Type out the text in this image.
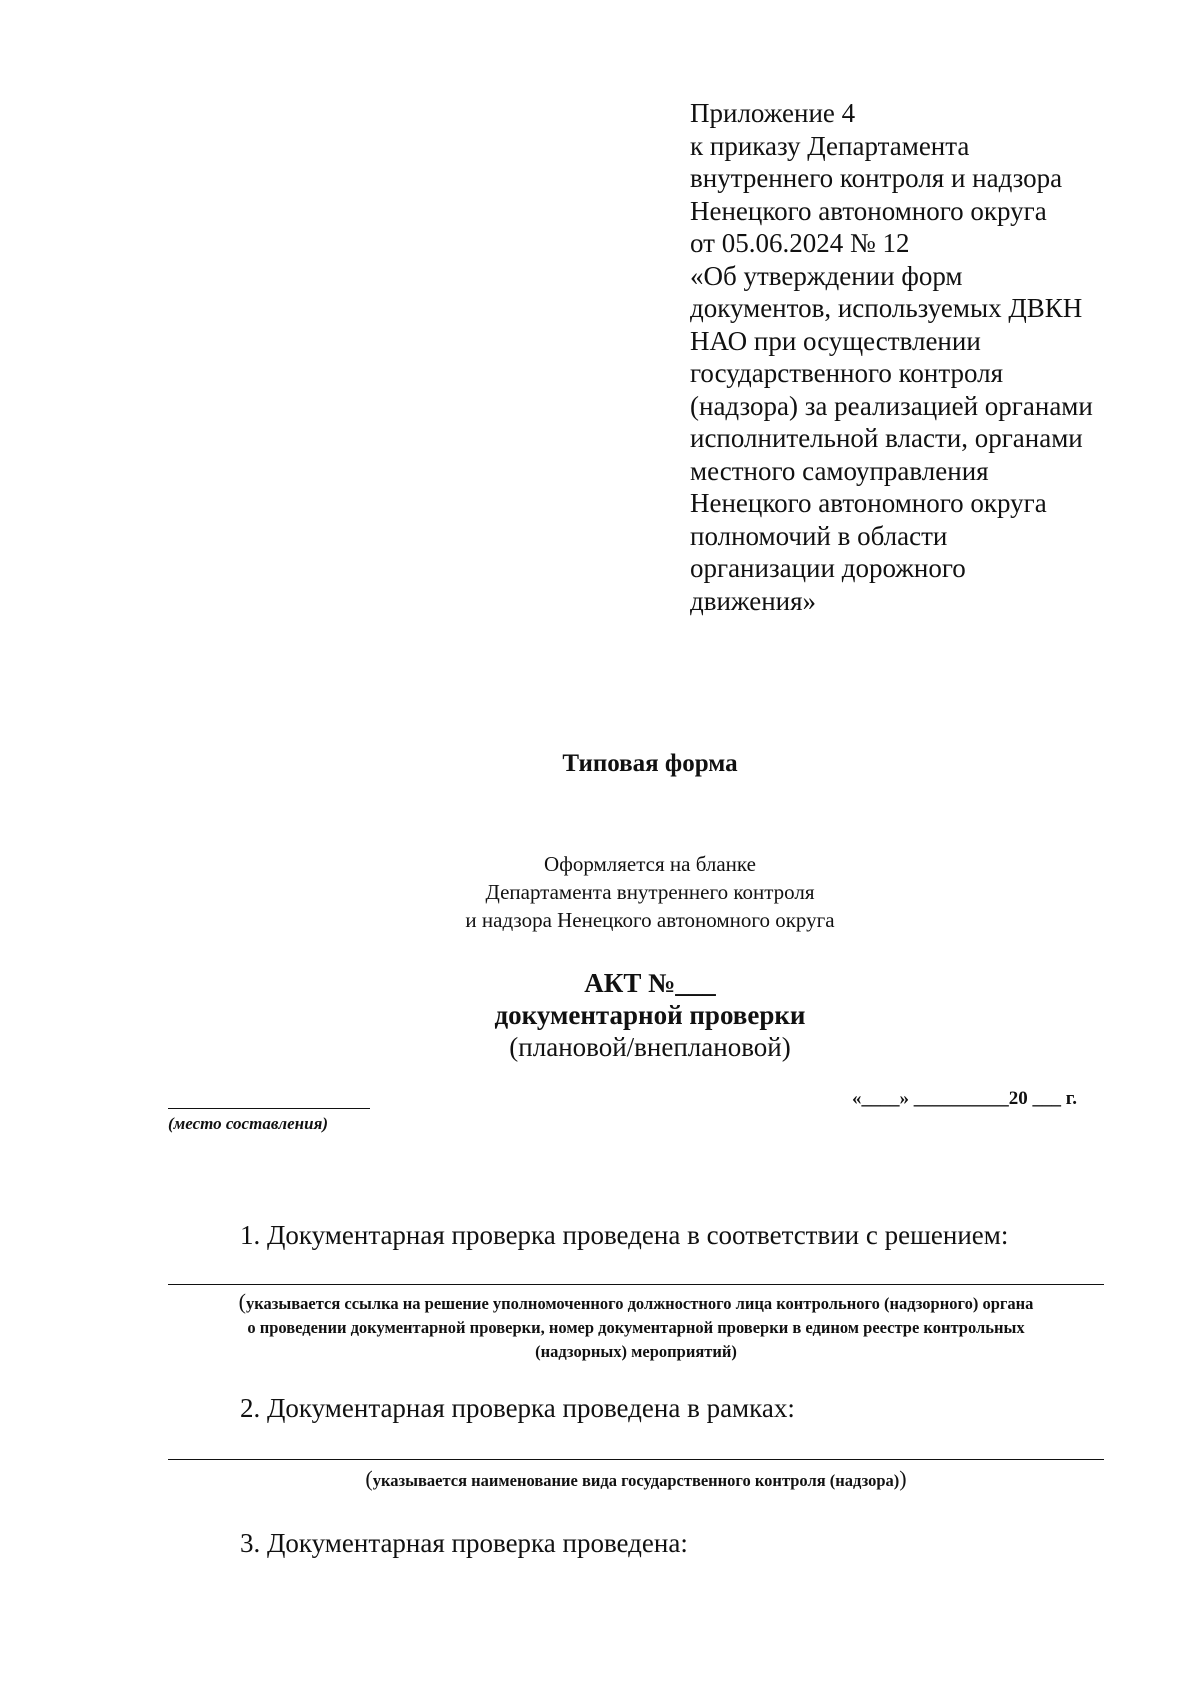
Приложение 4
к приказу Департамента
внутреннего контроля и надзора
Ненецкого автономного округа
от 05.06.2024 № 12
«Об утверждении форм
документов, используемых ДВКН
НАО при осуществлении
государственного контроля
(надзора) за реализацией органами
исполнительной власти, органами
местного самоуправления
Ненецкого автономного округа
полномочий в области
организации дорожного
движения»
Типовая форма
Оформляется на бланке
Департамента внутреннего контроля
и надзора Ненецкого автономного округа
АКТ №___
документарной проверки
(плановой/внеплановой)
(место составления)
«____» __________20 ___ г.
1. Документарная проверка проведена в соответствии с решением:
(указывается ссылка на решение уполномоченного должностного лица контрольного (надзорного) органа
о проведении документарной проверки, номер документарной проверки в едином реестре контрольных
(надзорных) мероприятий)
2. Документарная проверка проведена в рамках:
(указывается наименование вида государственного контроля (надзора))
3. Документарная проверка проведена:
